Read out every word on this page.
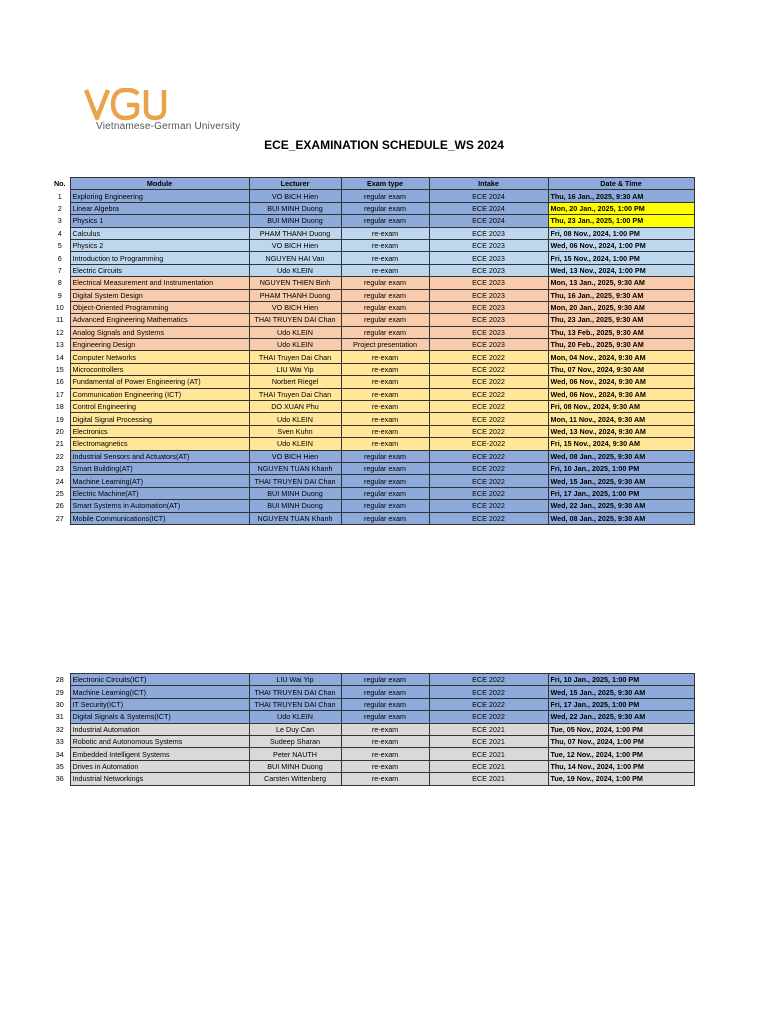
Vietnamese-German University
ECE_EXAMINATION SCHEDULE_WS 2024
No.	Module	Lecturer	Exam type	Intake	Date & Time
1	Exploring Engineering	VO BICH Hien	regular exam	ECE 2024	Thu, 16 Jan., 2025, 9:30 AM
2	Linear Algebra	BUI MINH Duong	regular exam	ECE 2024	Mon, 20 Jan., 2025, 1:00 PM
3	Physics 1	BUI MINH Duong	regular exam	ECE 2024	Thu, 23 Jan., 2025, 1:00 PM
4	Calculus	PHAM THANH Duong	re-exam	ECE 2023	Fri, 08 Nov., 2024, 1:00 PM
5	Physics 2	VO BICH Hien	re-exam	ECE 2023	Wed, 06 Nov., 2024, 1:00 PM
6	Introduction to Programming	NGUYEN HAI Van	re-exam	ECE 2023	Fri, 15 Nov., 2024, 1:00 PM
7	Electric Circuits	Udo KLEIN	re-exam	ECE 2023	Wed, 13 Nov., 2024, 1:00 PM
8	Electrical Measurement and Instrumentation	NGUYEN THIEN Binh	regular exam	ECE 2023	Mon, 13 Jan., 2025, 9:30 AM
9	Digital System Design	PHAM THANH Duong	regular exam	ECE 2023	Thu, 16 Jan., 2025, 9:30 AM
10	Object-Oriented Programming	VO BICH Hien	regular exam	ECE 2023	Mon, 20 Jan., 2025, 9:30 AM
11	Advanced Engineering Mathematics	THAI TRUYEN DAI Chan	regular exam	ECE 2023	Thu, 23 Jan., 2025, 9:30 AM
12	Analog Signals and Systems	Udo KLEIN	regular exam	ECE 2023	Thu, 13 Feb., 2025, 9:30 AM
13	Engineering Design	Udo KLEIN	Project presentation	ECE 2023	Thu, 20 Feb., 2025, 9:30 AM
14	Computer Networks	THAI Truyen Dai Chan	re-exam	ECE 2022	Mon, 04 Nov., 2024, 9:30 AM
15	Microcontrollers	LIU Wai Yip	re-exam	ECE 2022	Thu, 07 Nov., 2024, 9:30 AM
16	Fundamental of Power Engineering (AT)	Norbert Riegel	re-exam	ECE 2022	Wed, 06 Nov., 2024, 9:30 AM
17	Communication Engineering (ICT)	THAI Truyen Dai Chan	re-exam	ECE 2022	Wed, 06 Nov., 2024, 9:30 AM
18	Control Engineering	DO XUAN Phu	re-exam	ECE 2022	Fri, 08 Nov., 2024, 9:30 AM
19	Digital Signal Processing	Udo KLEIN	re-exam	ECE 2022	Mon, 11 Nov., 2024, 9:30 AM
20	Electronics	Sven Kuhn	re-exam	ECE 2022	Wed, 13 Nov., 2024, 9:30 AM
21	Electromagnetics	Udo KLEIN	re-exam	ECE-2022	Fri, 15 Nov., 2024, 9:30 AM
22	Industrial Sensors and Actuators(AT)	VO BICH Hien	regular exam	ECE 2022	Wed, 08 Jan., 2025, 9:30 AM
23	Smart Building(AT)	NGUYEN TUAN Khanh	regular exam	ECE 2022	Fri, 10 Jan., 2025, 1:00 PM
24	Machine Learning(AT)	THAI TRUYEN DAI Chan	regular exam	ECE 2022	Wed, 15 Jan., 2025, 9:30 AM
25	Electric Machine(AT)	BUI MINH Duong	regular exam	ECE 2022	Fri, 17 Jan., 2025, 1:00 PM
26	Smart Systems in Automation(AT)	BUI MINH Duong	regular exam	ECE 2022	Wed, 22 Jan., 2025, 9:30 AM
27	Mobile Communications(ICT)	NGUYEN TUAN Khanh	regular exam	ECE 2022	Wed, 08 Jan., 2025, 9:30 AM
28	Electronic Circuits(ICT)	LIU Wai Yip	regular exam	ECE 2022	Fri, 10 Jan., 2025, 1:00 PM
29	Machine Learning(ICT)	THAI TRUYEN DAI Chan	regular exam	ECE 2022	Wed, 15 Jan., 2025, 9:30 AM
30	IT Security(ICT)	THAI TRUYEN DAI Chan	regular exam	ECE 2022	Fri, 17 Jan., 2025, 1:00 PM
31	Digital Signals & Systems(ICT)	Udo KLEIN	regular exam	ECE 2022	Wed, 22 Jan., 2025, 9:30 AM
32	Industrial Automation	Le Duy Can	re-exam	ECE 2021	Tue, 05 Nov., 2024, 1:00 PM
33	Robotic and Autonomous Systems	Sudeep Sharan	re-exam	ECE 2021	Thu, 07 Nov., 2024, 1:00 PM
34	Embedded Intelligent Systems	Peter NAUTH	re-exam	ECE 2021	Tue, 12 Nov., 2024, 1:00 PM
35	Drives in Automation	BUI MINH Duong	re-exam	ECE 2021	Thu, 14 Nov., 2024, 1:00 PM
36	Industrial Networkings	Carsten Wittenberg	re-exam	ECE 2021	Tue, 19 Nov., 2024, 1:00 PM
